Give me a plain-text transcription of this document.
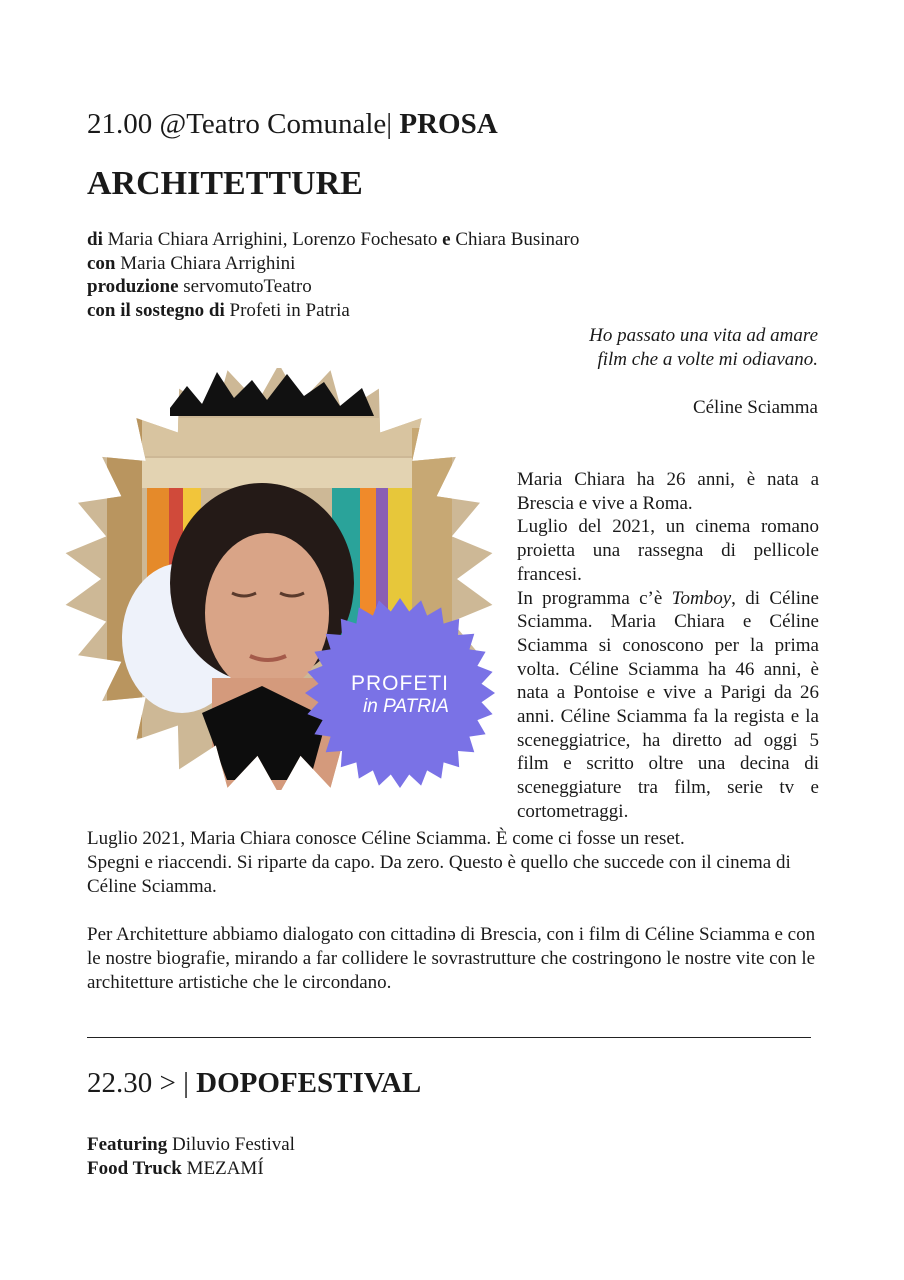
21.00 @Teatro Comunale| PROSA
ARCHITETTURE
di Maria Chiara Arrighini, Lorenzo Fochesato e Chiara Businaro
con Maria Chiara Arrighini
produzione servomutoTeatro
con il sostegno di Profeti in Patria
Ho passato una vita ad amare
film che a volte mi odiavano.
Céline Sciamma
PROFETI
in PATRIA

Maria Chiara ha 26 anni, è nata a Brescia e vive a Roma.

Luglio del 2021, un cinema romano proietta una rassegna di pellicole francesi.

In programma c’è Tomboy, di Céline Sciamma. Maria Chiara e Céline Sciamma si conoscono per la prima volta. Céline Sciamma ha 46 anni, è nata a Pontoise e vive a Parigi da 26 anni. Céline Sciamma fa la regista e la sceneggiatrice, ha diretto ad oggi 5 film e scritto oltre una decina di sceneggiature tra film, serie tv e cortometraggi.

Luglio 2021, Maria Chiara conosce Céline Sciamma. È come ci fosse un reset.

Spegni e riaccendi. Si riparte da capo. Da zero. Questo è quello che succede con il cinema di Céline Sciamma.

Per Architetture abbiamo dialogato con cittadinə di Brescia, con i film di Céline Sciamma e con le nostre biografie, mirando a far collidere le sovrastrutture che costringono le nostre vite con le architetture artistiche che le circondano.
22.30 > | DOPOFESTIVAL
Featuring Diluvio Festival
Food Truck MEZAMÍ
